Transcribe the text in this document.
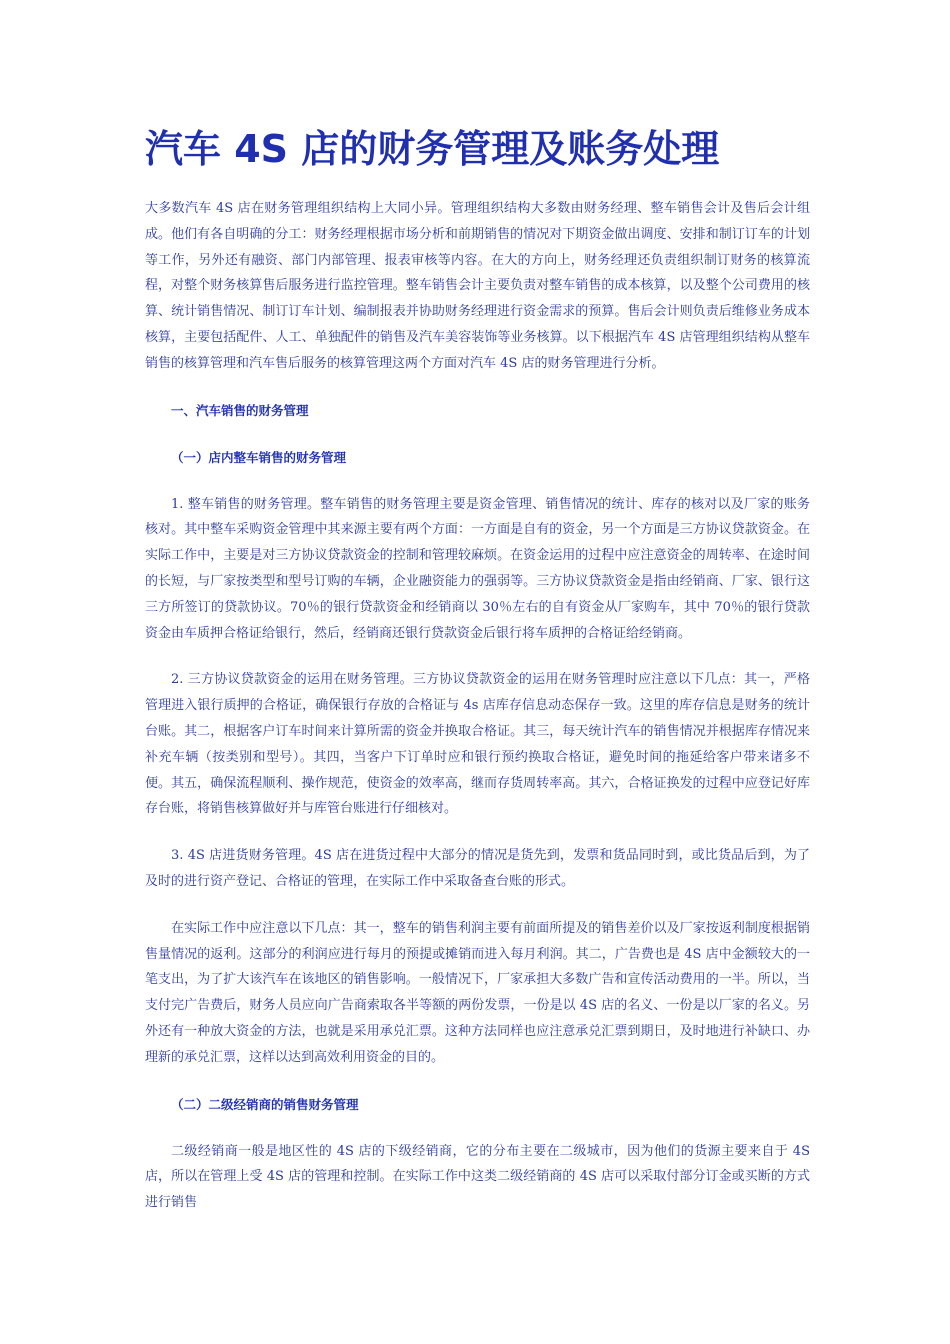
汽车 4S 店的财务管理及账务处理

大多数汽车 4S 店在财务管理组织结构上大同小异。管理组织结构大多数由财务经理、整车销售会计及售后会计组成。他们有各自明确的分工：财务经理根据市场分析和前期销售的情况对下期资金做出调度、安排和制订订车的计划等工作，另外还有融资、部门内部管理、报表审核等内容。在大的方向上，财务经理还负责组织制订财务的核算流程，对整个财务核算售后服务进行监控管理。整车销售会计主要负责对整车销售的成本核算，以及整个公司费用的核算、统计销售情况、制订订车计划、编制报表并协助财务经理进行资金需求的预算。售后会计则负责后维修业务成本核算，主要包括配件、人工、单独配件的销售及汽车美容装饰等业务核算。以下根据汽车 4S 店管理组织结构从整车销售的核算管理和汽车售后服务的核算管理这两个方面对汽车 4S 店的财务管理进行分析。

一、汽车销售的财务管理
（一）店内整车销售的财务管理

1. 整车销售的财务管理。整车销售的财务管理主要是资金管理、销售情况的统计、库存的核对以及厂家的账务核对。其中整车采购资金管理中其来源主要有两个方面：一方面是自有的资金，另一个方面是三方协议贷款资金。在实际工作中，主要是对三方协议贷款资金的控制和管理较麻烦。在资金运用的过程中应注意资金的周转率、在途时间的长短，与厂家按类型和型号订购的车辆，企业融资能力的强弱等。三方协议贷款资金是指由经销商、厂家、银行这三方所签订的贷款协议。70％的银行贷款资金和经销商以 30％左右的自有资金从厂家购车，其中 70％的银行贷款资金由车质押合格证给银行，然后，经销商还银行贷款资金后银行将车质押的合格证给经销商。

2. 三方协议贷款资金的运用在财务管理。三方协议贷款资金的运用在财务管理时应注意以下几点：其一，严格管理进入银行质押的合格证，确保银行存放的合格证与 4s 店库存信息动态保存一致。这里的库存信息是财务的统计台账。其二，根据客户订车时间来计算所需的资金并换取合格证。其三，每天统计汽车的销售情况并根据库存情况来补充车辆（按类别和型号）。其四，当客户下订单时应和银行预约换取合格证，避免时间的拖延给客户带来诸多不便。其五，确保流程顺利、操作规范，使资金的效率高，继而存货周转率高。其六，合格证换发的过程中应登记好库存台账，将销售核算做好并与库管台账进行仔细核对。

3. 4S 店进货财务管理。4S 店在进货过程中大部分的情况是货先到，发票和货品同时到，或比货品后到，为了及时的进行资产登记、合格证的管理，在实际工作中采取备查台账的形式。

在实际工作中应注意以下几点：其一，整车的销售利润主要有前面所提及的销售差价以及厂家按返利制度根据销售量情况的返利。这部分的利润应进行每月的预提或摊销而进入每月利润。其二，广告费也是 4S 店中金额较大的一笔支出，为了扩大该汽车在该地区的销售影响。一般情况下，厂家承担大多数广告和宣传活动费用的一半。所以，当支付完广告费后，财务人员应向广告商索取各半等额的两份发票，一份是以 4S 店的名义、一份是以厂家的名义。另外还有一种放大资金的方法，也就是采用承兑汇票。这种方法同样也应注意承兑汇票到期日，及时地进行补缺口、办理新的承兑汇票，这样以达到高效利用资金的目的。

（二）二级经销商的销售财务管理

二级经销商一般是地区性的 4S 店的下级经销商，它的分布主要在二级城市，因为他们的货源主要来自于 4S 店，所以在管理上受 4S 店的管理和控制。在实际工作中这类二级经销商的 4S 店可以采取付部分订金或买断的方式进行销售
